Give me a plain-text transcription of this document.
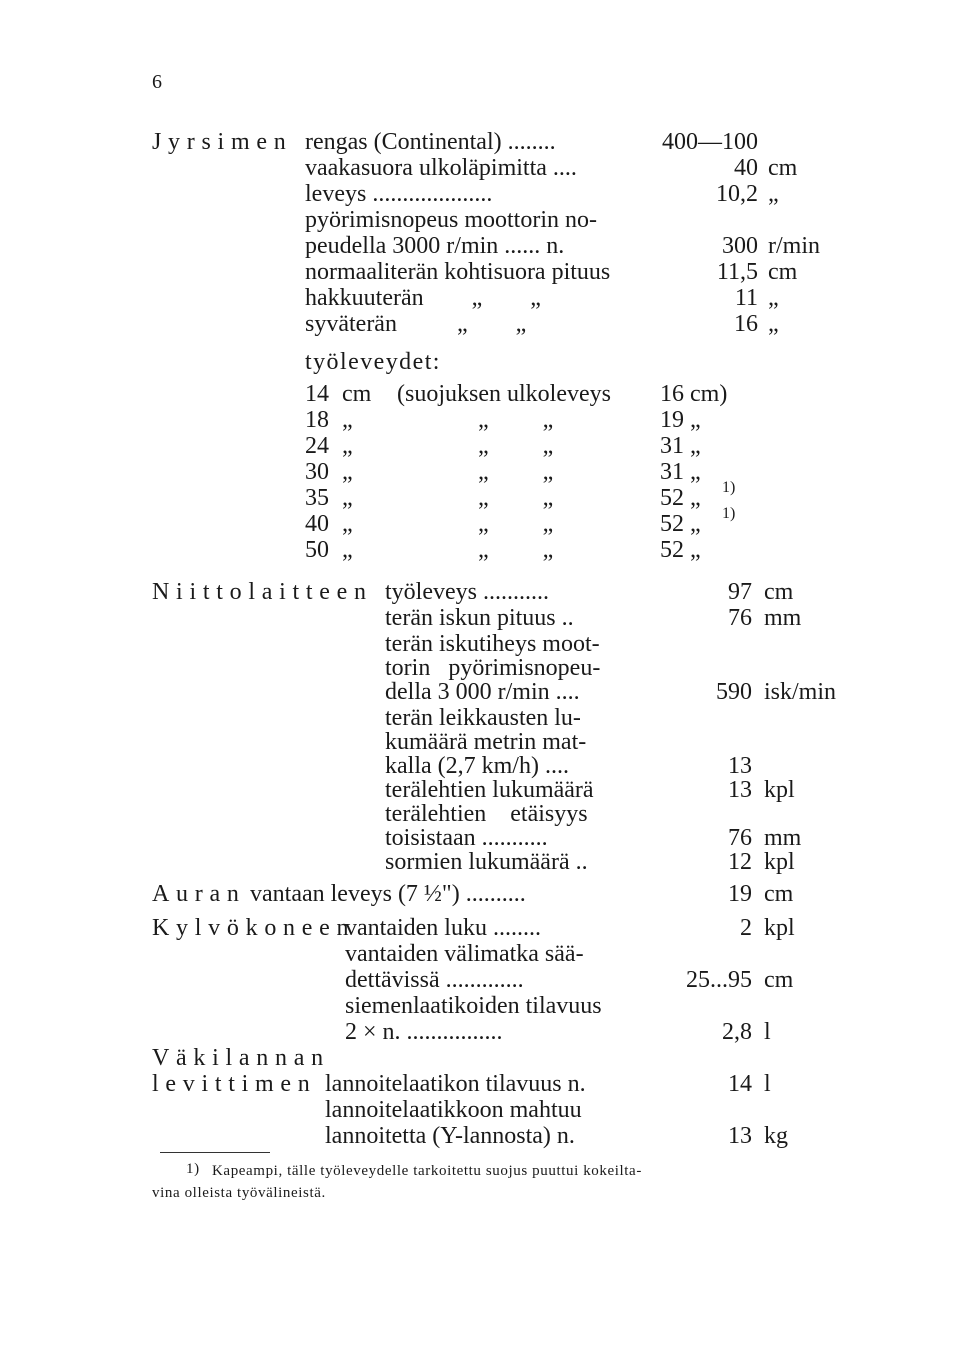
6
Jyrsimen rengas (Continental) ........	400—100
vaakasuora ulkoläpimitta ....	40 cm
leveys ....................	10,2 „
pyörimisnopeus moottorin no-
peudella 3000 r/min ...... n.	300 r/min
normaaliterän kohtisuora pituus	11,5 cm
hakkuuterän        „        „	11 „
syväterän          „        „	16 „
työleveydet:
14 cm (suojuksen ulkoleveys 16 cm)
18 „	„         „	19 „
24 „	„         „	31 „
30 „	„         „	31 „
35 „	„         „	52 „ 1)
40 „	„         „	52 „ 1)
50 „	„         „	52 „
Niittolaitteen työleveys ...........	97 cm
terän iskun pituus ..	76 mm
terän iskutiheys moot-
torin   pyörimisnopeu-
della 3 000 r/min ....	590 isk/min
terän leikkausten lu-
kumäärä metrin mat-
kalla (2,7 km/h) ....	13
terälehtien lukumäärä	13 kpl
terälehtien    etäisyys
toisistaan ...........	76 mm
sormien lukumäärä ..	12 kpl
Auran vantaan leveys (7 ½") ..........	19 cm
Kylvökoneen
vantaiden luku ........	2 kpl
vantaiden välimatka sää-
dettävissä .............	25...95 cm
siemenlaatikoiden tilavuus
2 × n. ................	2,8 l
Väkilannan
levittimen lannoitelaatikon tilavuus n.	14 l
lannoitelaatikkoon mahtuu
lannoitetta (Y-lannosta) n.	13 kg
1) Kapeampi, tälle työleveydelle tarkoitettu suojus puuttui kokeilta-
vina olleista työvälineistä.
